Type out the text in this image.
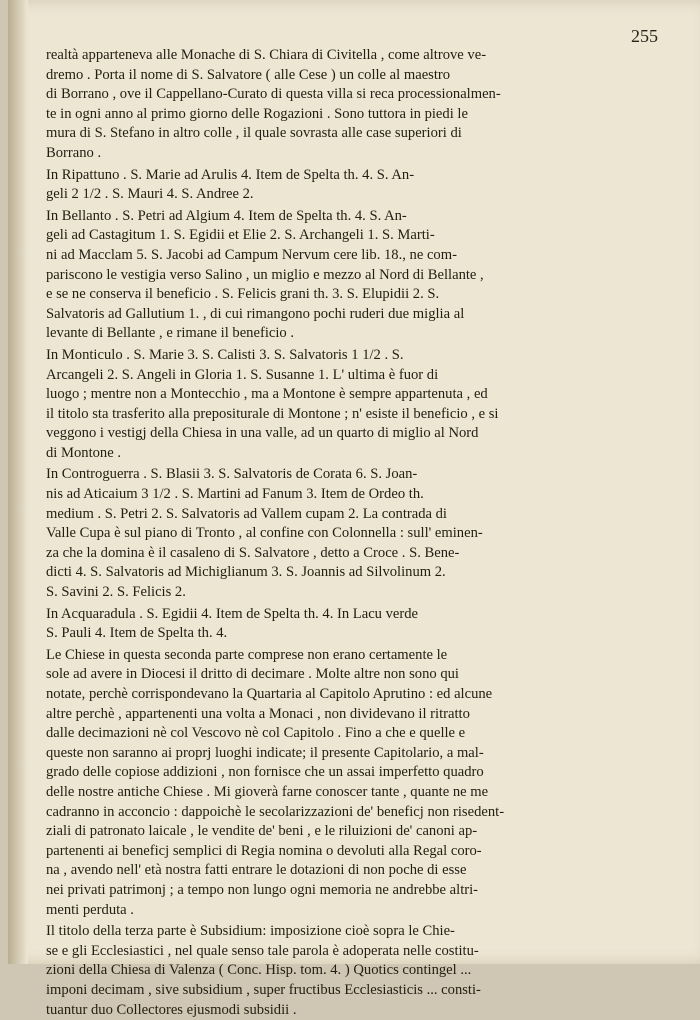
255
realtà apparteneva alle Monache di S. Chiara di Civitella , come altrove ve-
dremo . Porta il nome di S. Salvatore ( alle Cese ) un colle al maestro
di Borrano , ove il Cappellano-Curato di questa villa si reca processionalmen-
te in ogni anno al primo giorno delle Rogazioni . Sono tuttora in piedi le
mura di S. Stefano in altro colle , il quale sovrasta alle case superiori di
Borrano .
In Ripattuno . S. Marie ad Arulis 4. Item de Spelta th. 4. S. An-
geli 2 1/2 . S. Mauri 4. S. Andree 2.
In Bellanto . S. Petri ad Algium 4. Item de Spelta th. 4. S. An-
geli ad Castagitum 1. S. Egidii et Elie 2. S. Archangeli 1. S. Marti-
ni ad Macclam 5. S. Jacobi ad Campum Nervum cere lib. 18., ne com-
pariscono le vestigia verso Salino , un miglio e mezzo al Nord di Bellante ,
e se ne conserva il beneficio . S. Felicis grani th. 3. S. Elupidii 2. S.
Salvatoris ad Gallutium 1. , di cui rimangono pochi ruderi due miglia al
levante di Bellante , e rimane il beneficio .
In Monticulo . S. Marie 3. S. Calisti 3. S. Salvatoris 1 1/2 . S.
Arcangeli 2. S. Angeli in Gloria 1. S. Susanne 1. L' ultima è fuor di
luogo ; mentre non a Montecchio , ma a Montone è sempre appartenuta , ed
il titolo sta trasferito alla prepositurale di Montone ; n' esiste il beneficio , e si
veggono i vestigj della Chiesa in una valle, ad un quarto di miglio al Nord
di Montone .
In Controguerra . S. Blasii 3. S. Salvatoris de Corata 6. S. Joan-
nis ad Aticaium 3 1/2 . S. Martini ad Fanum 3. Item de Ordeo th.
medium . S. Petri 2. S. Salvatoris ad Vallem cupam 2. La contrada di
Valle Cupa è sul piano di Tronto , al confine con Colonnella : sull' eminen-
za che la domina è il casaleno di S. Salvatore , detto a Croce . S. Bene-
dicti 4. S. Salvatoris ad Michiglianum 3. S. Joannis ad Silvolinum 2.
S. Savini 2. S. Felicis 2.
In Acquaradula . S. Egidii 4. Item de Spelta th. 4. In Lacu verde
S. Pauli 4. Item de Spelta th. 4.
Le Chiese in questa seconda parte comprese non erano certamente le
sole ad avere in Diocesi il dritto di decimare . Molte altre non sono qui
notate, perchè corrispondevano la Quartaria al Capitolo Aprutino : ed alcune
altre perchè , appartenenti una volta a Monaci , non dividevano il ritratto
dalle decimazioni nè col Vescovo nè col Capitolo . Fino a che e quelle e
queste non saranno ai proprj luoghi indicate; il presente Capitolario, a mal-
grado delle copiose addizioni , non fornisce che un assai imperfetto quadro
delle nostre antiche Chiese . Mi gioverà farne conoscer tante , quante ne me
cadranno in acconcio : dappoichè le secolarizzazioni de' beneficj non risedent-
ziali di patronato laicale , le vendite de' beni , e le riluizioni de' canoni ap-
partenenti ai beneficj semplici di Regia nomina o devoluti alla Regal coro-
na , avendo nell' età nostra fatti entrare le dotazioni di non poche di esse
nei privati patrimonj ; a tempo non lungo ogni memoria ne andrebbe altri-
menti perduta .
Il titolo della terza parte è Subsidium: imposizione cioè sopra le Chie-
se e gli Ecclesiastici , nel quale senso tale parola è adoperata nelle costitu-
zioni della Chiesa di Valenza ( Conc. Hisp. tom. 4. ) Quotics contingel ...
imponi decimam , sive subsidium , super fructibus Ecclesiasticis ... consti-
tuantur duo Collectores ejusmodi subsidii .
